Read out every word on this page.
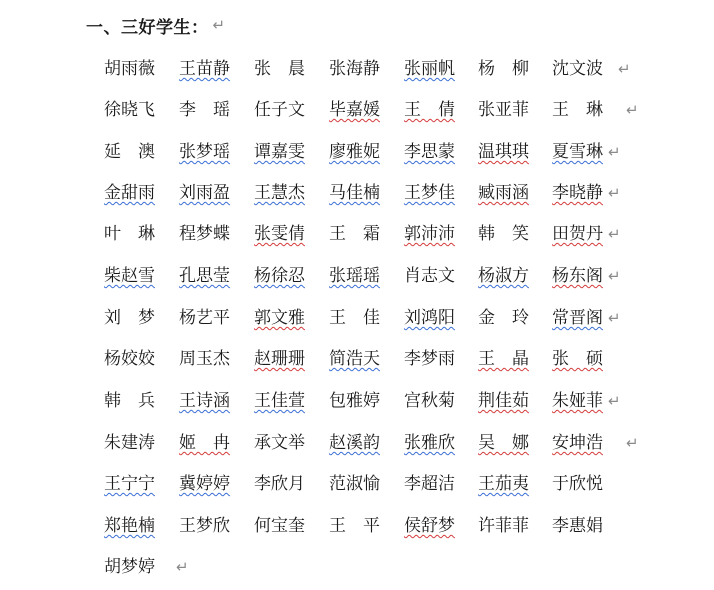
一、三好学生： ↵
胡雨薇	王苗静	张　晨	张海静	张丽帆	杨　柳	沈文波	↵
徐晓飞	李　瑶	任子文	毕嘉媛	王　倩	张亚菲	王　琳	↵
延　澳	张梦瑶	谭嘉雯	廖雅妮	李思蒙	温琪琪	夏雪琳 ↵
金甜雨	刘雨盈	王慧杰	马佳楠	王梦佳	臧雨涵	李晓静 ↵
叶　琳	程梦蝶	张雯倩	王　霜	郭沛沛	韩　笑	田贺丹 ↵
柴赵雪	孔思莹	杨徐忍	张瑶瑶	肖志文	杨淑方	杨东阁 ↵
刘　梦	杨艺平	郭文雅	王　佳	刘鸿阳	金　玲	常晋阁 ↵
杨姣姣	周玉杰	赵珊珊	简浩天	李梦雨	王　晶	张　硕
韩　兵	王诗涵	王佳萱	包雅婷	宫秋菊	荆佳茹	朱娅菲 ↵
朱建涛	姬　冉	承文举	赵溪韵	张雅欣	吴　娜	安坤浩	↵
王宁宁	冀婷婷	李欣月	范淑愉	李超洁	王茄夷	于欣悦
郑艳楠	王梦欣	何宝奎	王　平	侯舒梦	许菲菲	李惠娟
胡梦婷	↵
